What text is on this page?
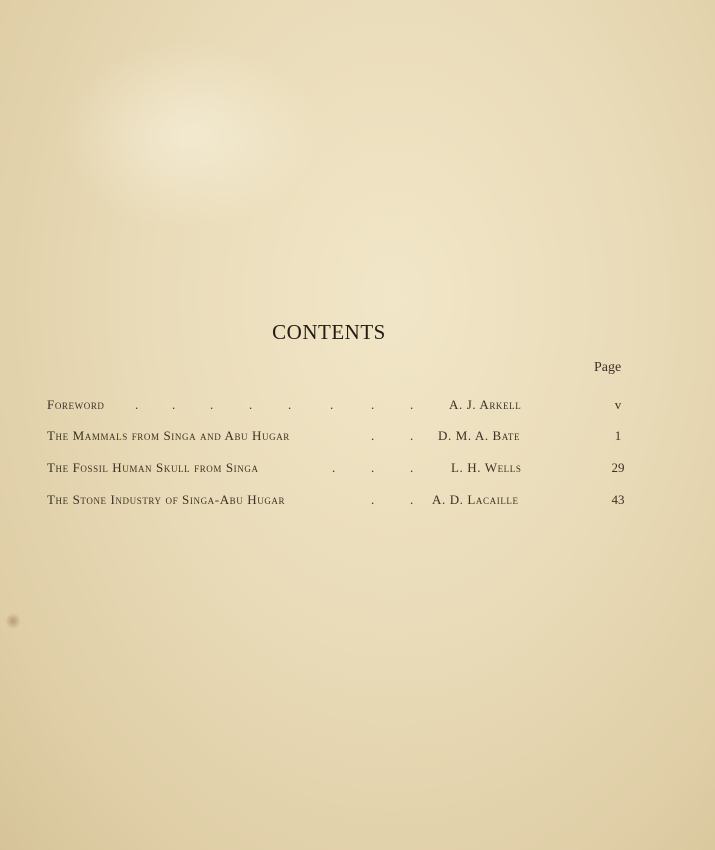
CONTENTS
Page
Foreword .	.	.	.	.	.	.	.	A. J. Arkell	v
The Mammals from Singa and Abu Hugar	.	. D. M. A. Bate	1
The Fossil Human Skull from Singa	.	.	.	L. H. Wells	29
The Stone Industry of Singa-Abu Hugar	.	. A. D. Lacaille	43
